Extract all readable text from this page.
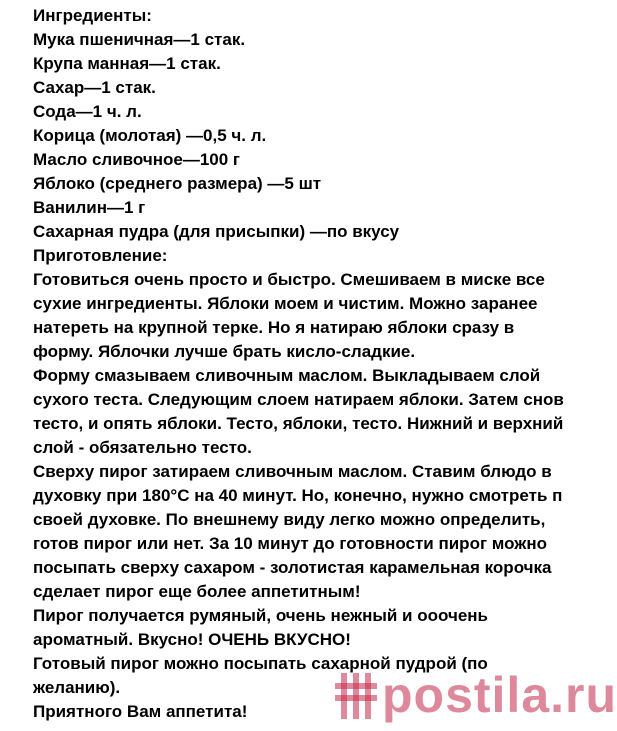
Ингредиенты:
Мука пшеничная—1 стак.
Крупа манная—1 стак.
Сахар—1 стак.
Сода—1 ч. л.
Корица (молотая) —0,5 ч. л.
Масло сливочное—100 г
Яблоко (среднего размера) —5 шт
Ванилин—1 г
Сахарная пудра (для присыпки) —по вкусу
Приготовление:
Готовиться очень просто и быстро. Смешиваем в миске все
сухие ингредиенты. Яблоки моем и чистим. Можно заранее
натереть на крупной терке. Но я натираю яблоки сразу в
форму. Яблочки лучше брать кисло-сладкие.
Форму смазываем сливочным маслом. Выкладываем слой
сухого теста. Следующим слоем натираем яблоки. Затем снов
тесто, и опять яблоки. Тесто, яблоки, тесто. Нижний и верхний
слой - обязательно тесто.
Сверху пирог затираем сливочным маслом. Ставим блюдо в
духовку при 180°С на 40 минут. Но, конечно, нужно смотреть п
своей духовке. По внешнему виду легко можно определить,
готов пирог или нет. За 10 минут до готовности пирог можно
посыпать сверху сахаром - золотистая карамельная корочка
сделает пирог еще более аппетитным!
Пирог получается румяный, очень нежный и ооочень
ароматный. Вкусно! ОЧЕНЬ ВКУСНО!
Готовый пирог можно посыпать сахарной пудрой (по
желанию).
Приятного Вам аппетита!	postila.ru
